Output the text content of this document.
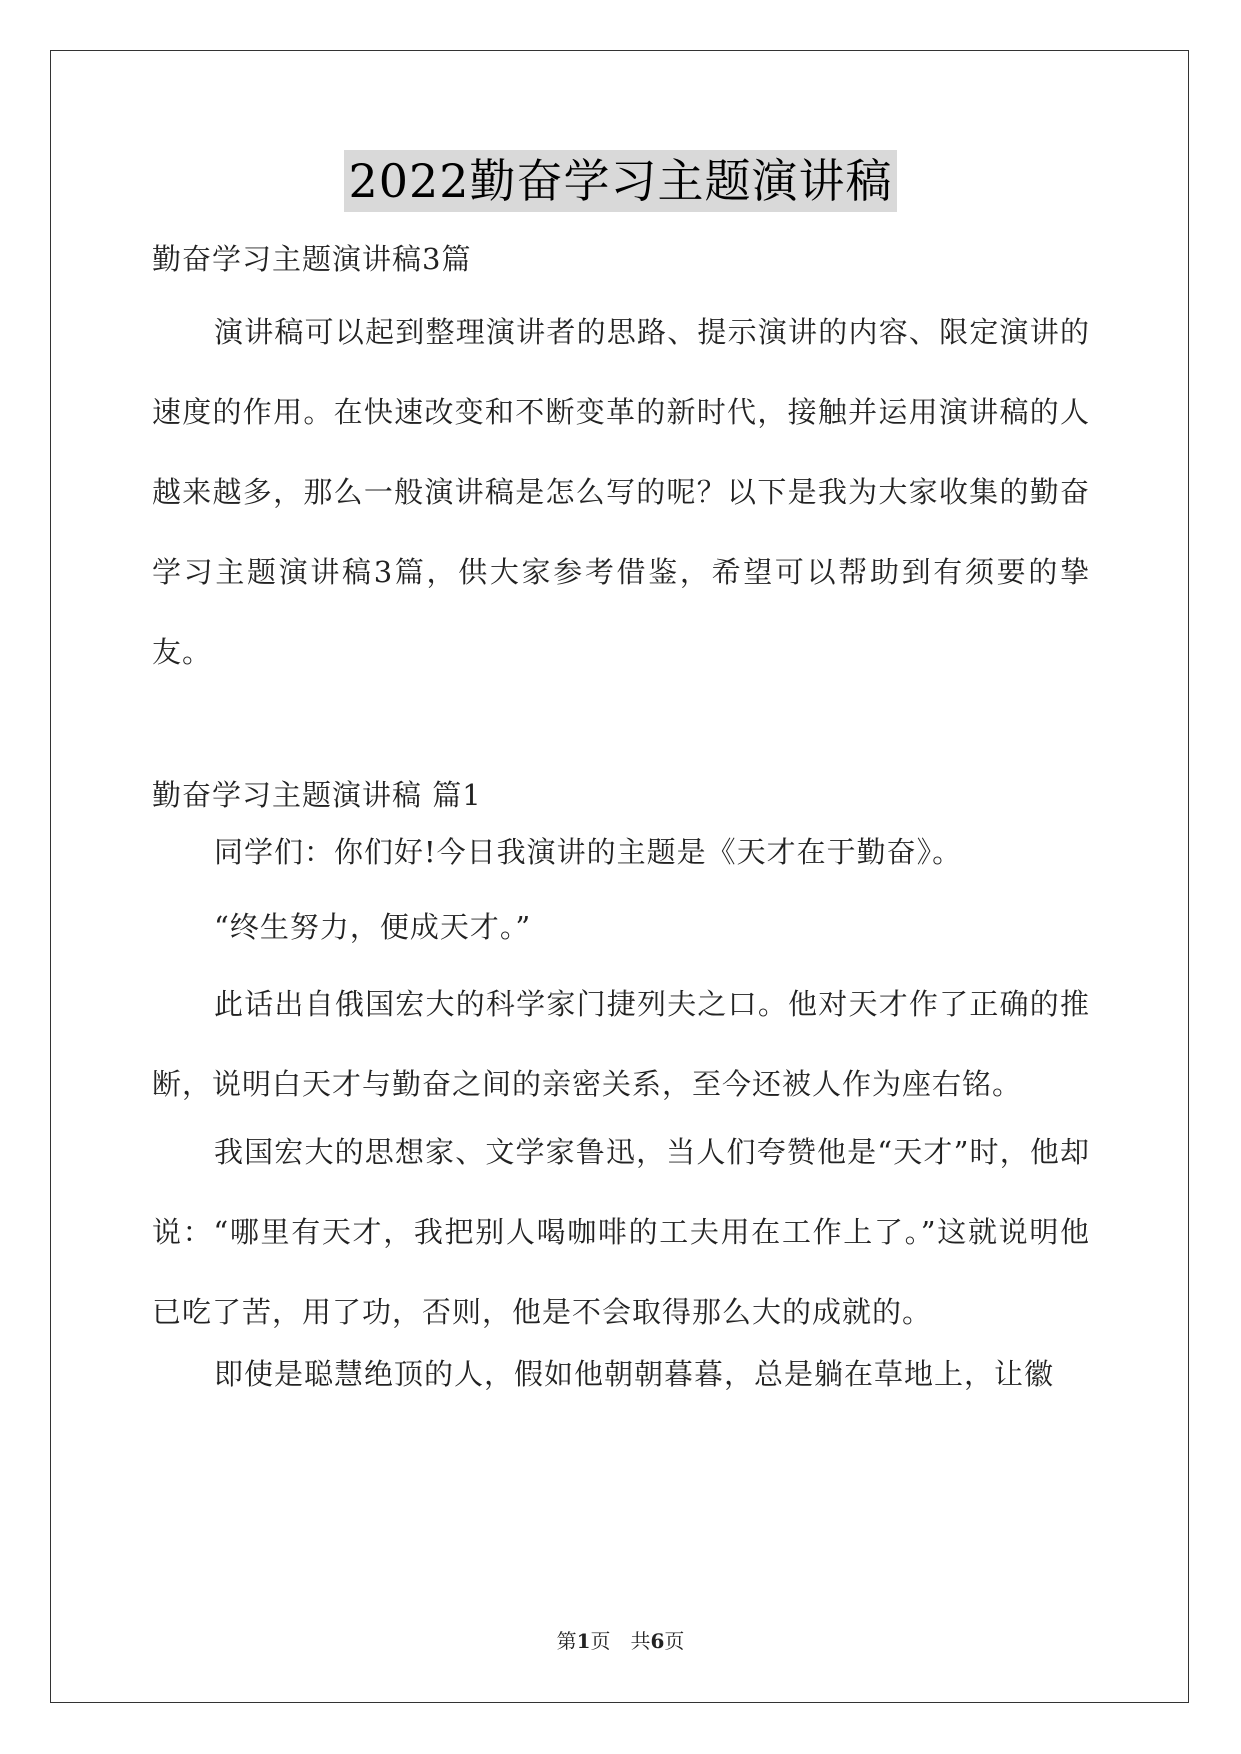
2022勤奋学习主题演讲稿
勤奋学习主题演讲稿3篇
演讲稿可以起到整理演讲者的思路、提示演讲的内容、限定演讲的速度的作用。在快速改变和不断变革的新时代，接触并运用演讲稿的人越来越多，那么一般演讲稿是怎么写的呢？以下是我为大家收集的勤奋学习主题演讲稿3篇，供大家参考借鉴，希望可以帮助到有须要的挚友。
勤奋学习主题演讲稿 篇1
同学们：你们好!今日我演讲的主题是《天才在于勤奋》。
“终生努力，便成天才。”
此话出自俄国宏大的科学家门捷列夫之口。他对天才作了正确的推断，说明白天才与勤奋之间的亲密关系，至今还被人作为座右铭。
我国宏大的思想家、文学家鲁迅，当人们夸赞他是“天才”时，他却说：“哪里有天才，我把别人喝咖啡的工夫用在工作上了。”这就说明他已吃了苦，用了功，否则，他是不会取得那么大的成就的。
即使是聪慧绝顶的人，假如他朝朝暮暮，总是躺在草地上，让徽
第1页　共6页
